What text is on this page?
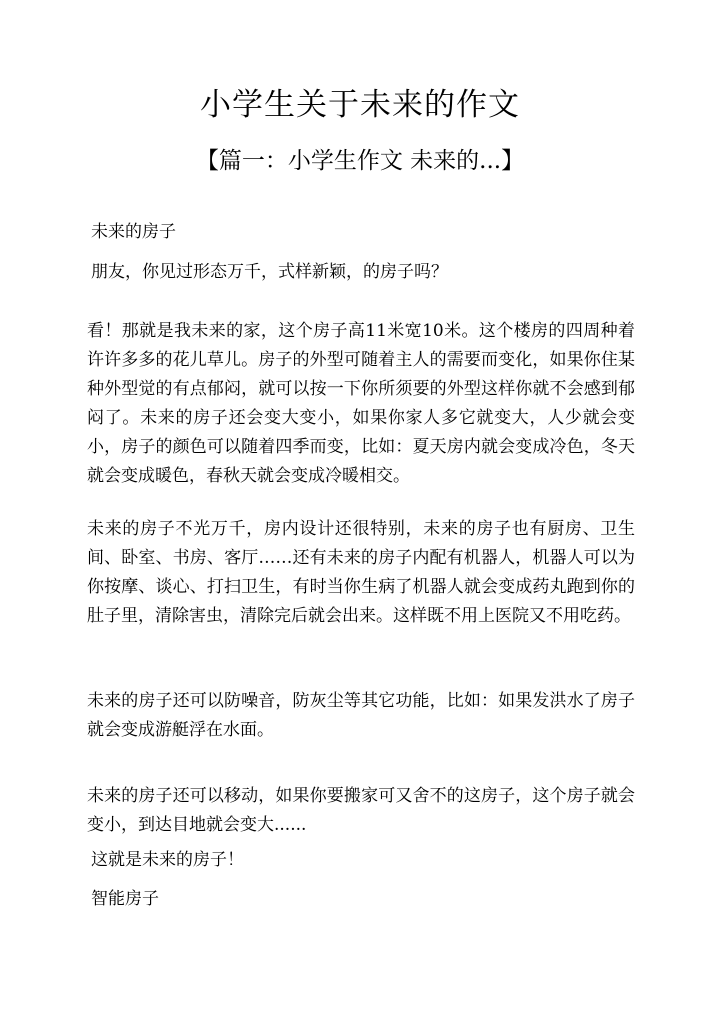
小学生关于未来的作文
【篇一：小学生作文 未来的...】

未来的房子

朋友，你见过形态万千，式样新颖，的房子吗？

看！那就是我未来的家，这个房子高11米宽10米。这个楼房的四周种着许许多多的花儿草儿。房子的外型可随着主人的需要而变化，如果你住某种外型觉的有点郁闷，就可以按一下你所须要的外型这样你就不会感到郁闷了。未来的房子还会变大变小，如果你家人多它就变大，人少就会变小，房子的颜色可以随着四季而变，比如：夏天房内就会变成冷色，冬天就会变成暖色，春秋天就会变成冷暖相交。

未来的房子不光万千，房内设计还很特别，未来的房子也有厨房、卫生间、卧室、书房、客厅……还有未来的房子内配有机器人，机器人可以为你按摩、谈心、打扫卫生，有时当你生病了机器人就会变成药丸跑到你的肚子里，清除害虫，清除完后就会出来。这样既不用上医院又不用吃药。

未来的房子还可以防噪音，防灰尘等其它功能，比如：如果发洪水了房子就会变成游艇浮在水面。

未来的房子还可以移动，如果你要搬家可又舍不的这房子，这个房子就会变小，到达目地就会变大......

这就是未来的房子！

智能房子
